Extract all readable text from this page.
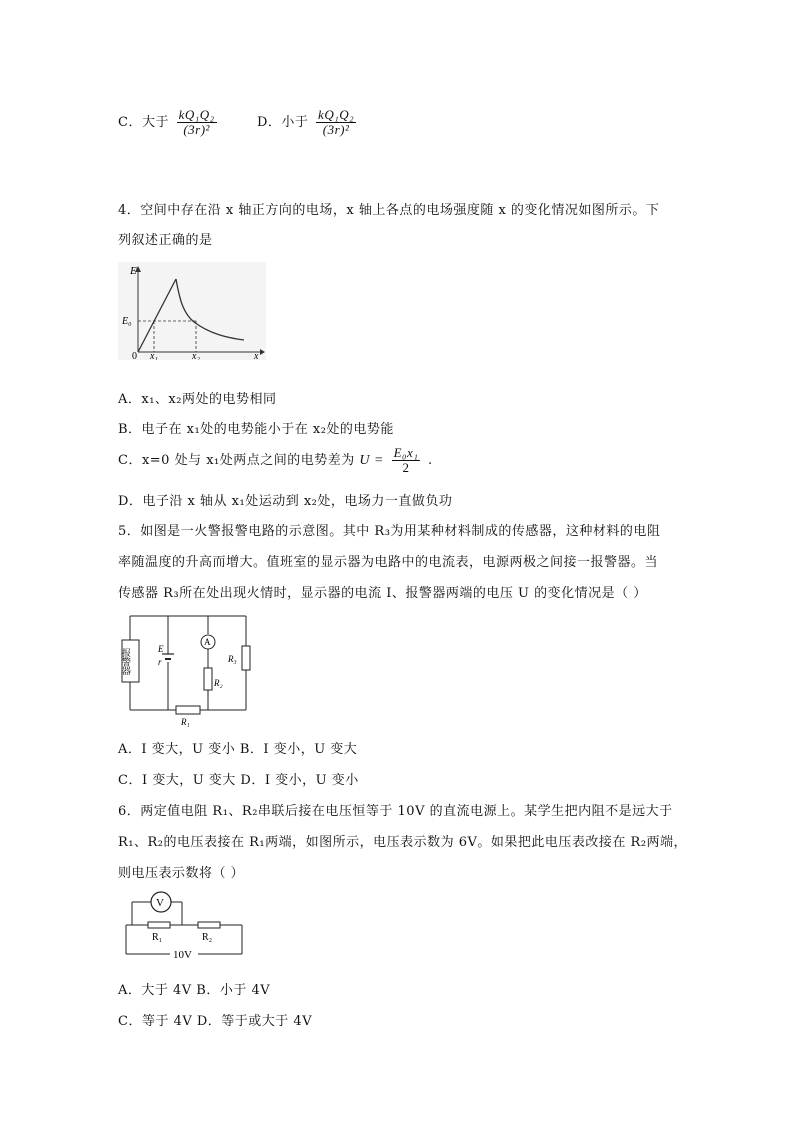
C．大于 $\frac{\text{kQ₁Q₂}}{\text{(3r)²}}$	D．小于 $\frac{\text{kQ₁Q₂}}{\text{(3r)²}}$
4．空间中存在沿 x 轴正方向的电场，x 轴上各点的电场强度随 x 的变化情况如图所示。下
列叙述正确的是
E
E₀
0 x₁	x₂	x
A．x₁、x₂两处的电势相同
B．电子在 x₁处的电势能小于在 x₂处的电势能
C．x=0 处与 x₁处两点之间的电势差为 $U = \frac{\text{E₀x₁}}{2}$ .
D．电子沿 x 轴从 x₁处运动到 x₂处，电场力一直做负功
5．如图是一火警报警电路的示意图。其中 R₃为用某种材料制成的传感器，这种材料的电阻
率随温度的升高而增大。值班室的显示器为电路中的电流表，电源两极之间接一报警器。当
传感器 R₃所在处出现火情时，显示器的电流 I、报警器两端的电压 U 的变化情况是（ ）
报警器	E
r
A
R₂
R₃
R₁
A．I 变大，U 变小 B．I 变小，U 变大
C．I 变大，U 变大 D．I 变小，U 变小
6．两定值电阻 R₁、R₂串联后接在电压恒等于 10V 的直流电源上。某学生把内阻不是远大于
R₁、R₂的电压表接在 R₁两端，如图所示，电压表示数为 6V。如果把此电压表改接在 R₂两端，
则电压表示数将（ ）
V
R₁	R₂
10V
A．大于 4V B．小于 4V
C．等于 4V D．等于或大于 4V
